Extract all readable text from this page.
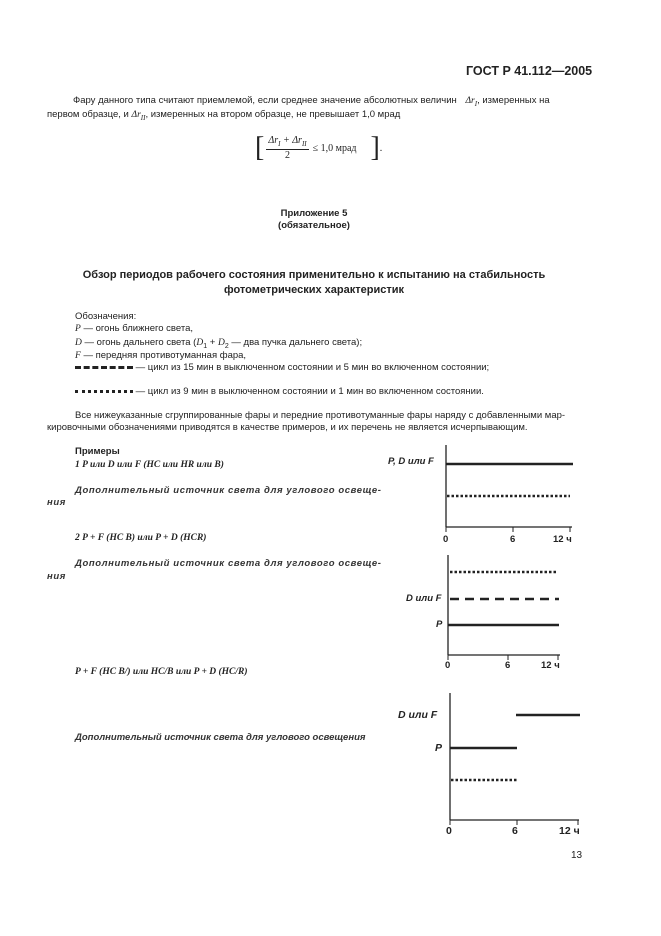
ГОСТ Р 41.112—2005
Фару данного типа считают приемлемой, если среднее значение абсолютных величин $\Delta r_I$, измеренных на
первом образце, и $\Delta r_{II}$, измеренных на втором образце, не превышает 1,0 мрад
[ $\Delta r_I + \Delta r_{II}$
2
≤ 1,0 мрад ] .
Приложение 5
(обязательное)
Обзор периодов рабочего состояния применительно к испытанию на стабильность
фотометрических характеристик
Обозначения:
P — огонь ближнего света,
D — огонь дальнего света ($D_1 + D_2$ — два пучка дальнего света);
F — передняя противотуманная фара,
— цикл из 15 мин в выключенном состоянии и 5 мин во включенном состоянии;
— цикл из 9 мин в выключенном состоянии и 1 мин во включенном состоянии.
Все нижеуказанные сгруппированные фары и передние противотуманные фары наряду с добавленными мар-
кировочными обозначениями приводятся в качестве примеров, и их перечень не является исчерпывающим.
Примеры
1 P или D или F (HC или HR или B)
Дополнительный источник света для углового освеще-
ния
2 P + F (HC B) или P + D (HCR)
Дополнительный источник света для углового освеще-
ния
P + F (HC B/) или HC/B или P + D (HC/R)
Дополнительный источник света для углового освещения
P, D или F
0	6	12 ч
D или F
P
0	6	12 ч
D или F
P
0	6	12 ч
13
